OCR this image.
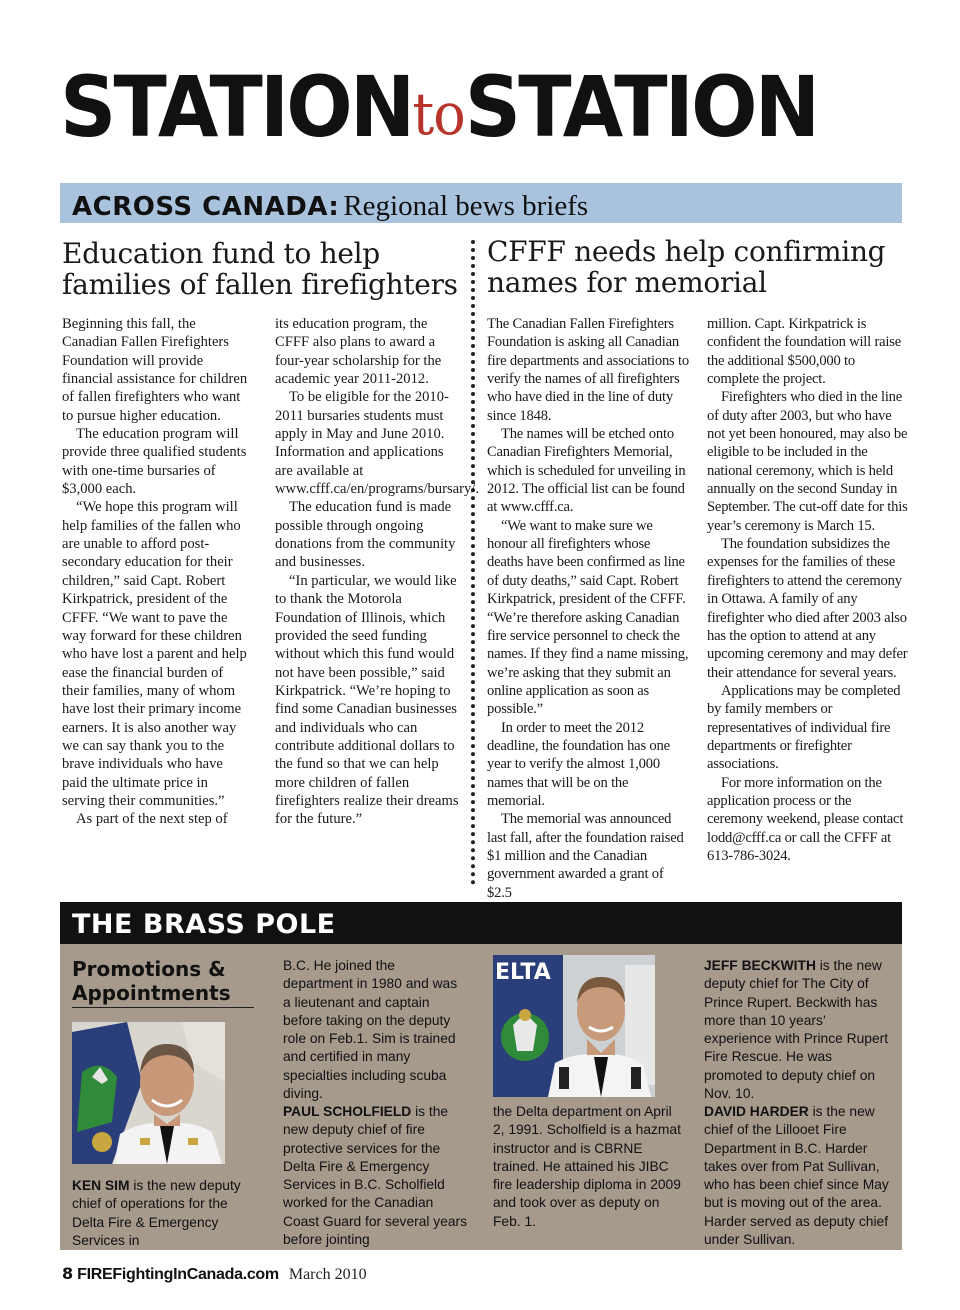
STATIONtoSTATION
ACROSS CANADA: Regional bews briefs
Education fund to help families of fallen firefighters
CFFF needs help confirming names for memorial

Beginning this fall, the Canadian Fallen Firefighters Foundation will provide financial assistance for children of fallen firefighters who want to pursue higher education.

The education program will provide three qualified students with one-time bursaries of $3,000 each.

“We hope this program will help families of the fallen who are unable to afford post-secondary education for their children,” said Capt. Robert Kirkpatrick, president of the CFFF. “We want to pave the way forward for these children who have lost a parent and help ease the financial burden of their families, many of whom have lost their primary income earners. It is also another way we can say thank you to the brave individuals who have paid the ultimate price in serving their communities.”

As part of the next step of

its education program, the CFFF also plans to award a four-year scholarship for the academic year 2011-2012.

To be eligible for the 2010-2011 bursaries students must apply in May and June 2010. Information and applications are available at www.cfff.ca/en/programs/bursary/.

The education fund is made possible through ongoing donations from the community and businesses.

“In particular, we would like to thank the Motorola Foundation of Illinois, which provided the seed funding without which this fund would not have been possible,” said Kirkpatrick. “We’re hoping to find some Canadian businesses and individuals who can contribute additional dollars to the fund so that we can help more children of fallen firefighters realize their dreams for the future.”

The Canadian Fallen Firefighters Foundation is asking all Canadian fire departments and associations to verify the names of all firefighters who have died in the line of duty since 1848.

The names will be etched onto Canadian Firefighters Memorial, which is scheduled for unveiling in 2012. The official list can be found at www.cfff.ca.

“We want to make sure we honour all firefighters whose deaths have been confirmed as line of duty deaths,” said Capt. Robert Kirkpatrick, president of the CFFF. “We’re therefore asking Canadian fire service personnel to check the names. If they find a name missing, we’re asking that they submit an online application as soon as possible.”

In order to meet the 2012 deadline, the foundation has one year to verify the almost 1,000 names that will be on the memorial.

The memorial was announced last fall, after the foundation raised $1 million and the Canadian government awarded a grant of $2.5

million. Capt. Kirkpatrick is confident the foundation will raise the additional $500,000 to complete the project.

Firefighters who died in the line of duty after 2003, but who have not yet been honoured, may also be eligible to be included in the national ceremony, which is held annually on the second Sunday in September. The cut-off date for this year’s ceremony is March 15.

The foundation subsidizes the expenses for the families of these firefighters to attend the ceremony in Ottawa. A family of any firefighter who died after 2003 also has the option to attend at any upcoming ceremony and may defer their attendance for several years.

Applications may be completed by family members or representatives of individual fire departments or firefighter associations.

For more information on the application process or the ceremony weekend, please contact lodd@cfff.ca or call the CFFF at 613-786-3024.

THE BRASS POLE
Promotions & Appointments
ELTA
KEN SIM is the new deputy chief of operations for the Delta Fire & Emergency Services in
B.C. He joined the department in 1980 and was a lieutenant and captain before taking on the deputy role on Feb.1. Sim is trained and certified in many specialties including scuba diving.
PAUL SCHOLFIELD is the new deputy chief of fire protective services for the Delta Fire & Emergency Services in B.C. Scholfield worked for the Canadian Coast Guard for several years before jointing
the Delta department on April 2, 1991. Scholfield is a hazmat instructor and is CBRNE trained. He attained his JIBC fire leadership diploma in 2009 and took over as deputy on Feb. 1.
JEFF BECKWITH is the new deputy chief for The City of Prince Rupert. Beckwith has more than 10 years’ experience with Prince Rupert Fire Rescue. He was promoted to deputy chief on Nov. 10.
DAVID HARDER is the new chief of the Lillooet Fire Department in B.C. Harder takes over from Pat Sullivan, who has been chief since May but is moving out of the area. Harder served as deputy chief under Sullivan.
8 FIREFightingInCanada.com March 2010
